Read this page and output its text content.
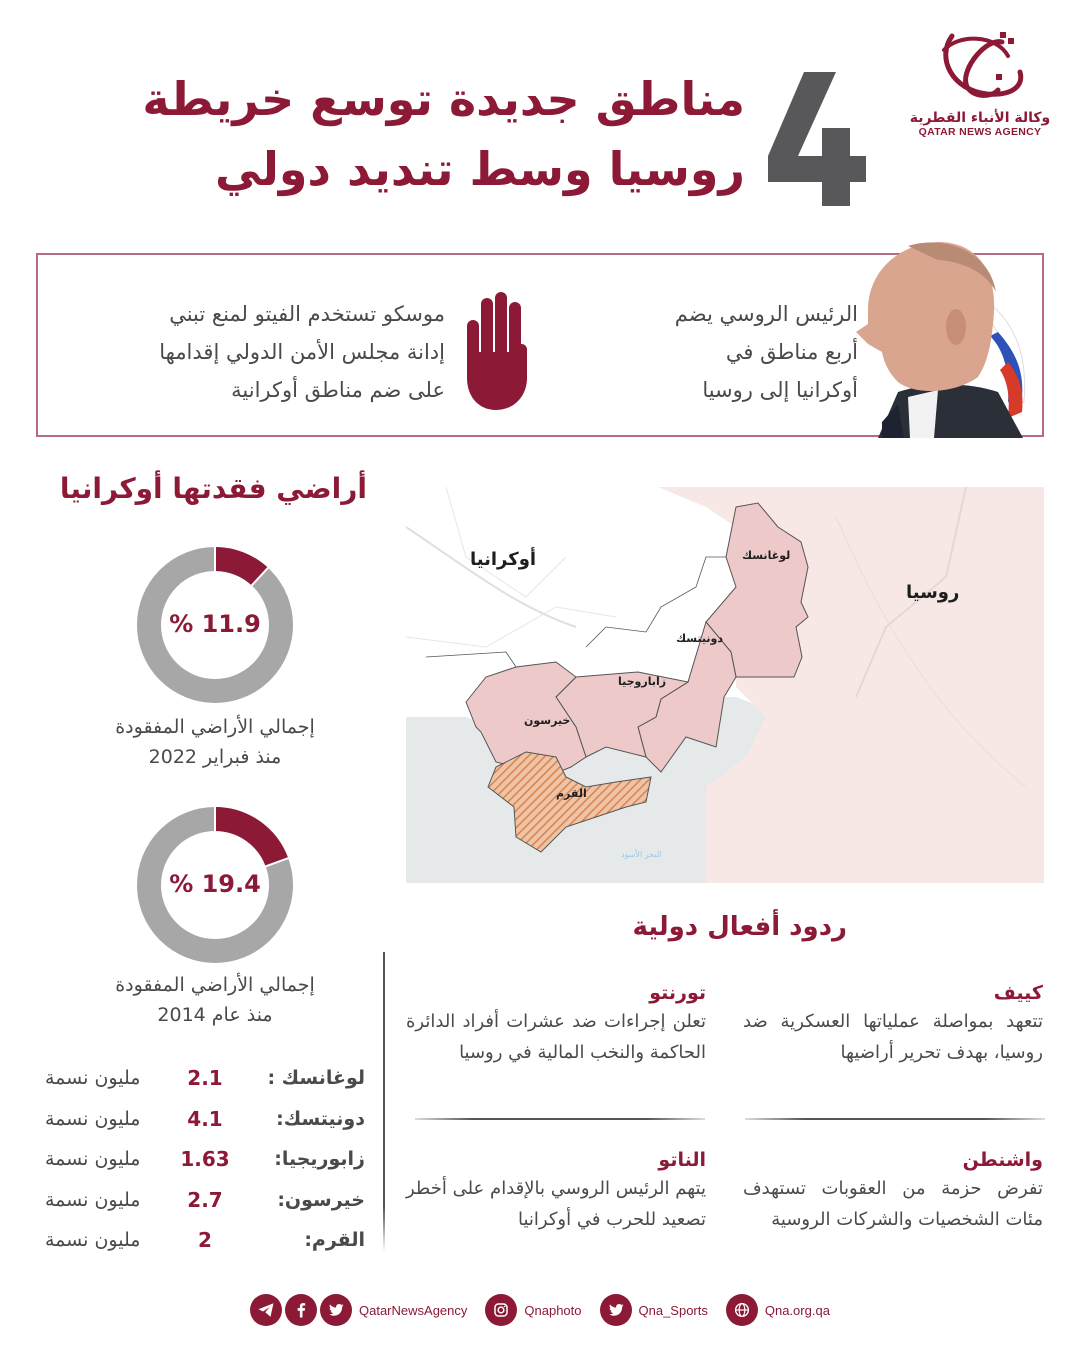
وكالة الأنباء القطرية
QATAR NEWS AGENCY
مناطق جديدة توسع خريطة
روسيا وسط تنديد دولي
الرئيس الروسي يضم
أربع مناطق في
أوكرانيا إلى روسيا
موسكو تستخدم الفيتو لمنع تبني
إدانة مجلس الأمن الدولي إقدامها
على ضم مناطق أوكرانية
أراضي فقدتها أوكرانيا
% 11.9
إجمالي الأراضي المفقودة
منذ فبراير 2022
% 19.4
إجمالي الأراضي المفقودة
منذ عام 2014
لوغانسك :
2.1
مليون نسمة
دونيتسك:
4.1
مليون نسمة
زابوريجيا:
1.63
مليون نسمة
خيرسون:
2.7
مليون نسمة
القرم:
2
مليون نسمة
أوكرانيا
روسيا
لوغانسك
دونيتسك
زاباروجيا
خيرسون
القرم
البحر الأسود
ردود أفعال دولية
كييف
تتعهد بمواصلة عملياتها العسكرية ضد روسيا، بهدف تحرير أراضيها
تورنتو
تعلن إجراءات ضد عشرات أفراد الدائرة الحاكمة والنخب المالية في روسيا
واشنطن
تفرض حزمة من العقوبات تستهدف مئات الشخصيات والشركات الروسية
الناتو
يتهم الرئيس الروسي بالإقدام على أخطر تصعيد للحرب في أوكرانيا
QatarNewsAgency	Qnaphoto	Qna_Sports	Qna.org.qa
